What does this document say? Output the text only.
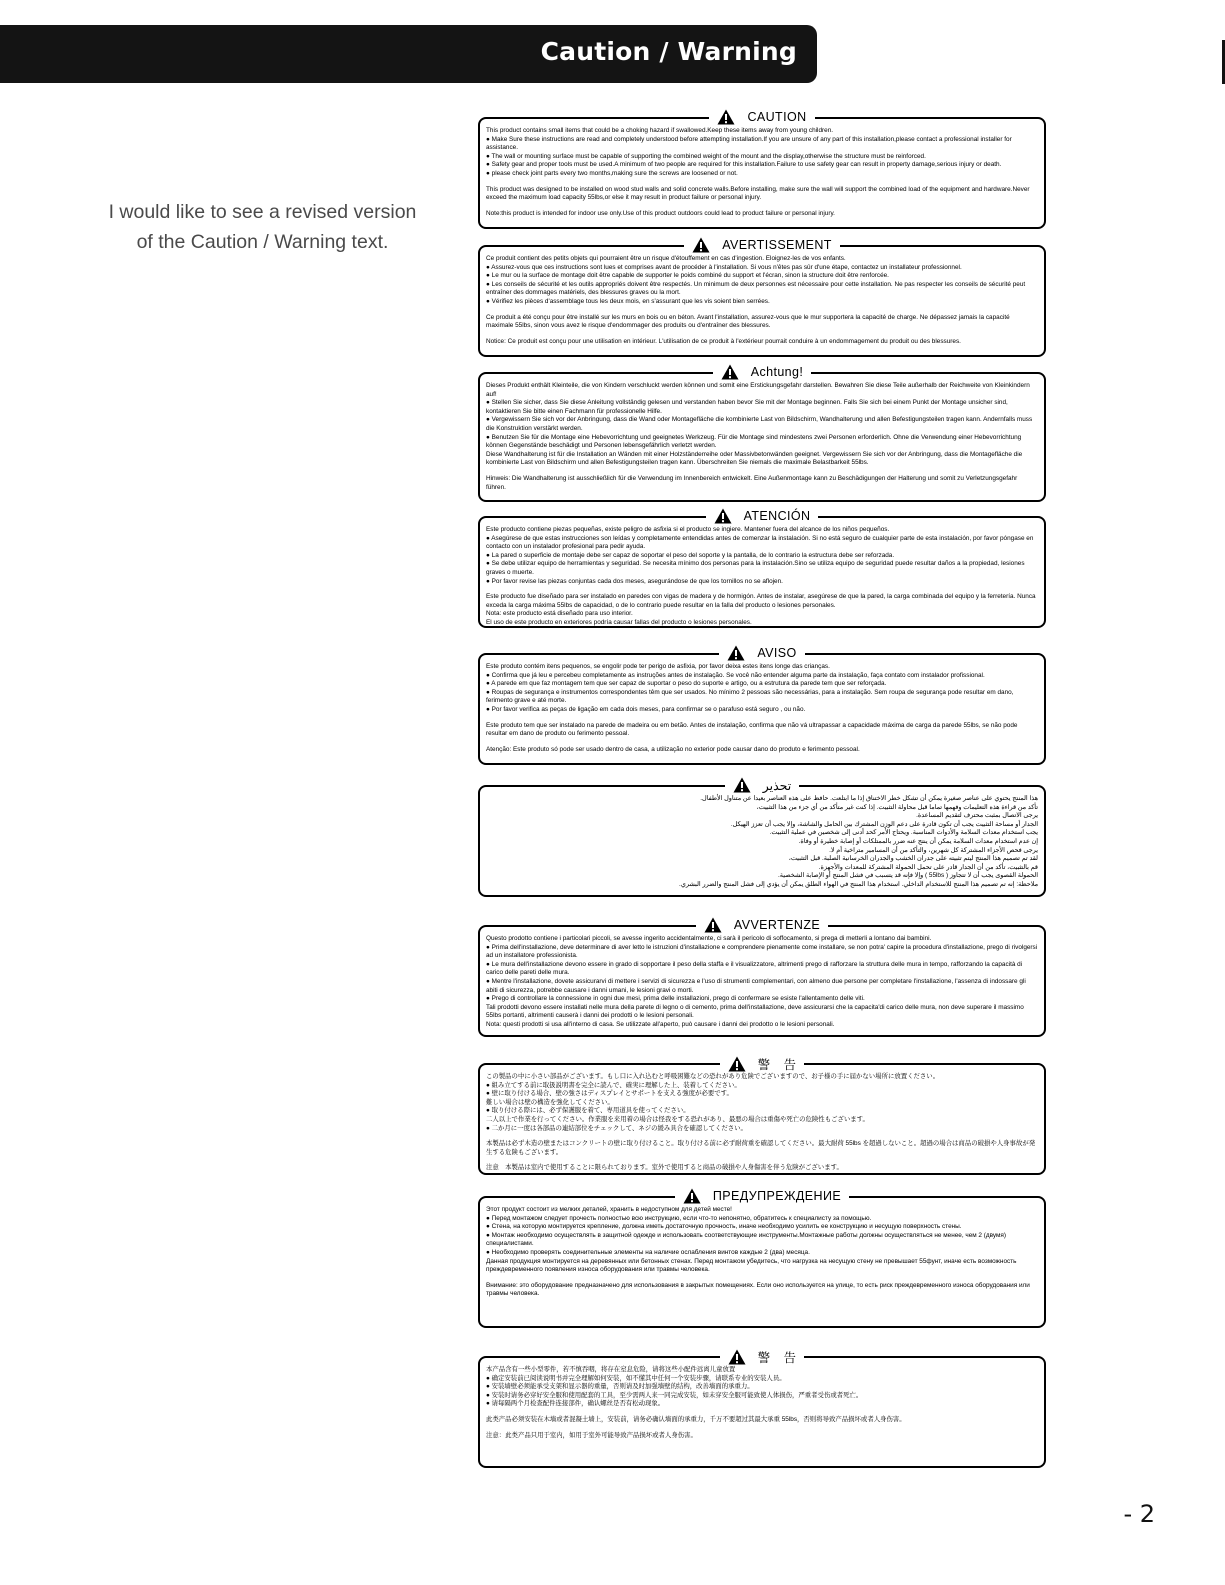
Caution / Warning
I would like to see a revised version of the Caution / Warning text.
CAUTION

This product contains small items that could be a choking hazard if swallowed.Keep these items away from young children.

● Make Sure these instructions are read and completely understood before attempting installation.If you are unsure of any part of this installation,please contact a professional installer for assistance.

● The wall or mounting surface must be capable of supporting the combined weight of the mount and the display,otherwise the structure must be reinforced.

● Safety gear and proper tools must be used.A minimum of two people are required for this installation.Failure to use safety gear can result in property damage,serious injury or death.

● please check joint parts every two months,making sure the screws are loosened or not.

This product was designed to be installed on wood stud walls and solid concrete walls.Before installing, make sure the wall will support the combined load of the equipment and hardware.Never exceed the maximum load capacity 55lbs,or else it may result in product failure or personal injury.

Note:this product is intended for indoor use only.Use of this product outdoors could lead to product failure or personal injury.

AVERTISSEMENT

Ce produit contient des petits objets qui pourraient être un risque d'étouffement en cas d'ingestion. Eloignez-les de vos enfants.

● Assurez-vous que ces instructions sont lues et comprises avant de procéder à l'installation. Si vous n'êtes pas sûr d'une étape, contactez un installateur professionnel.

● Le mur ou la surface de montage doit être capable de supporter le poids combiné du support et l'écran, sinon la structure doit être renforcée.

● Les conseils de sécurité et les outils appropriés doivent être respectés. Un minimum de deux personnes est nécessaire pour cette installation. Ne pas respecter les conseils de sécurité peut entraîner des dommages matériels, des blessures graves ou la mort.

● Vérifiez les pièces d'assemblage tous les deux mois, en s'assurant que les vis soient bien serrées.

Ce produit a été conçu pour être installé sur les murs en bois ou en béton. Avant l'installation, assurez-vous que le mur supportera la capacité de charge. Ne dépassez jamais la capacité maximale 55lbs, sinon vous avez le risque d'endommager des produits ou d'entraîner des blessures.

Notice: Ce produit est conçu pour une utilisation en intérieur. L'utilisation de ce produit à l'extérieur pourrait conduire à un endommagement du produit ou des blessures.

Achtung!

Dieses Produkt enthält Kleinteile, die von Kindern verschluckt werden können und somit eine Erstickungsgefahr darstellen. Bewahren Sie diese Teile außerhalb der Reichweite von Kleinkindern auf!

● Stellen Sie sicher, dass Sie diese Anleitung vollständig gelesen und verstanden haben bevor Sie mit der Montage beginnen. Falls Sie sich bei einem Punkt der Montage unsicher sind, kontaktieren Sie bitte einen Fachmann für professionelle Hilfe.

● Vergewissern Sie sich vor der Anbringung, dass die Wand oder Montagefläche die kombinierte Last von Bildschirm, Wandhalterung und allen Befestigungsteilen tragen kann. Andernfalls muss die Konstruktion verstärkt werden.

● Benutzen Sie für die Montage eine Hebevorrichtung und geeignetes Werkzeug. Für die Montage sind mindestens zwei Personen erforderlich. Ohne die Verwendung einer Hebevorrichtung können Gegenstände beschädigt und Personen lebensgefährlich verletzt werden.

Diese Wandhalterung ist für die Installation an Wänden mit einer Holzständerreihe oder Massivbetonwänden geeignet. Vergewissern Sie sich vor der Anbringung, dass die Montagefläche die kombinierte Last von Bildschirm und allen Befestigungsteilen tragen kann. Überschreiten Sie niemals die maximale Belastbarkeit 55lbs.

Hinweis: Die Wandhalterung ist ausschließlich für die Verwendung im Innenbereich entwickelt. Eine Außenmontage kann zu Beschädigungen der Halterung und somit zu Verletzungsgefahr führen.

ATENCIÓN

Este producto contiene piezas pequeñas, existe peligro de asfixia si el producto se ingiere. Mantener fuera del alcance de los niños pequeños.

● Asegúrese de que estas instrucciones son leídas y completamente entendidas antes de comenzar la instalación. Si no está seguro de cualquier parte de esta instalación, por favor póngase en contacto con un instalador profesional para pedir ayuda.

● La pared o superficie de montaje debe ser capaz de soportar el peso del soporte y la pantalla, de lo contrario la estructura debe ser reforzada.

● Se debe utilizar equipo de herramientas y seguridad. Se necesita mínimo dos personas para la instalación.Sino se utiliza equipo de seguridad puede resultar daños a la propiedad, lesiones graves o muerte.

● Por favor revise las piezas conjuntas cada dos meses, asegurándose de que los tornillos no se aflojen.

Este producto fue diseñado para ser instalado en paredes con vigas de madera y de hormigón. Antes de instalar, asegúrese de que la pared, la carga combinada del equipo y la ferretería. Nunca exceda la carga máxima 55lbs de capacidad, o de lo contrario puede resultar en la falla del producto o lesiones personales.

Nota: este producto está diseñado para uso interior.

El uso de este producto en exteriores podría causar fallas del producto o lesiones personales.

AVISO

Este produto contém itens pequenos, se engolir pode ter perigo de asfixia, por favor deixa estes itens longe das crianças.

● Confirma que já leu e percebeu completamente as instruções antes de instalação. Se você não entender alguma parte da instalação, faça contato com instalador profissional.

● A parede em que faz montagem tem que ser capaz de suportar o peso do suporte e artigo, ou a estrutura da parede tem que ser reforçada.

● Roupas de segurança e instrumentos correspondentes têm que ser usados. No mínimo 2 pessoas são necessárias, para a instalação. Sem roupa de segurança pode resultar em dano, ferimento grave e até morte.

● Por favor verifica as peças de ligação em cada dois meses, para confirmar se o parafuso está seguro , ou não.

Este produto tem que ser instalado na parede de madeira ou em betão. Antes de instalação, confirma que não vá ultrapassar a capacidade máxima de carga da parede 55lbs, se não pode resultar em dano de produto ou ferimento pessoal.

Atenção: Este produto só pode ser usado dentro de casa, a utilização no exterior pode causar dano do produto e ferimento pessoal.

تحذير

هذا المنتج يحتوي على عناصر صغيرة يمكن أن تشكل خطر الاختناق إذا ما ابتلعت. حافظ على هذه العناصر بعيدا عن متناول الأطفال.

تأكد من قراءة هذه التعليمات وفهمها تماما قبل محاولة التثبيت. إذا كنت غير متأكد من أي جزء من هذا التثبيت،

يرجى الاتصال بمثبت محترف لتقديم المساعدة.

الجدار أو مساحة التثبيت يجب أن تكون قادرة على دعم الوزن المشترك بين الحامل والشاشة، وإلا يجب أن تعزز الهيكل.

يجب استخدام معدات السلامة والأدوات المناسبة. ويحتاج الأمر كحد أدنى إلى شخصين في عملية التثبيت.

إن عدم استخدام معدات السلامة يمكن أن ينتج عنه ضرر بالممتلكات أو إصابة خطيرة أو وفاة.

يرجى فحص الأجزاء المشتركة كل شهرين، والتأكد من أن المسامير متراخية أم لا.

لقد تم تصميم هذا المنتج ليتم تثبيته على جدران الخشب والجدران الخرسانية الصلبة. قبل التثبيت،

قم بالتثبيت، تأكد من أن الجدار قادر على تحمل الحمولة المشتركة للمعدات والأجهزة.

الحمولة القصوى يجب أن لا تتجاوز ( 55lbs ) وإلا فإنه قد يتسبب في فشل المنتج أو الإصابة الشخصية.

ملاحظة: إنه تم تصميم هذا المنتج للاستخدام الداخلي. استخدام هذا المنتج في الهواء الطلق يمكن أن يؤدي إلى فشل المنتج والضرر البشري.

AVVERTENZE

Questo prodotto contiene i particolari piccoli, se avesse ingerito accidentalmente, ci sarà il pericolo di soffocamento, si prega di metterli a lontano dai bambini.

● Prima dell'installazione, deve determinare di aver letto le istruzioni d'installazione e comprendere pienamente come installare, se non potra' capire la procedura d'installazione, prego di rivolgersi ad un installatore professionista.

● Le mura dell'installazione devono essere in grado di sopportare il peso della staffa e il visualizzatore, altrimenti prego di rafforzare la struttura delle mura in tempo, rafforzando la capacità di carico delle pareti delle mura.

● Mentre l'installazione, dovete assicurarvi di mettere i servizi di sicurezza e l'uso di strumenti complementari, con almeno due persone per completare l'installazione, l'assenza di indossare gli abiti di sicurezza, potrebbe causare i danni umani, le lesioni gravi o morti.

● Prego di controllare la connessione in ogni due mesi, prima delle installazioni, prego di confermare se esiste l'allentamento delle viti.

Tali prodotti devono essere installati nelle mura della parete di legno o di cemento, prima dell'installazione, deve assicurarsi che la capacita'di carico delle mura, non deve superare il massimo 55lbs portanti, altrimenti causerà i danni dei prodotti o le lesioni personali.

Nota: questi prodotti si usa all'interno di casa. Se utilizzate all'aperto, può causare i danni dei prodotto o le lesioni personali.

警　告

この製品の中に小さい部品がございます。もし口に入れ込むと呼吸困難などの恐れがあり危険でございますので、お子様の手に届かない場所に放置ください。

● 組み立てする前に取扱説明書を完全に読んで、確実に理解した上、装着してください。

● 壁に取り付ける場合、壁の強さはディスプレイとサポートを支える強度が必要です。

難しい場合は壁の構造を強化してください。

● 取り付ける際には、必ず保護服を着て、専用道具を使ってください。

二人以上で作業を行ってください。作業服を来用着の場合は怪我をする恐れがあり、最悪の場合は重傷や死亡の危険性もございます。

● 二か月に一度は各部品の連結部位をチェックして、ネジの緩み具合を確認してください。

本製品は必ず木造の壁またはコンクリートの壁に取り付けること。取り付ける前に必ず耐荷重を確認してください。最大耐荷 55lbs を超過しないこと。超過の場合は商品の破損や人身事故が発生する危険もございます。

注意　本製品は室内で使用することに限られております。室外で使用すると商品の破損や人身傷害を伴う危険がございます。

ПРЕДУПРЕЖДЕНИЕ

Этот продукт состоит из мелких деталей, хранить в недоступном для детей месте!

● Перед монтажом следует прочесть полностью всю инструкцию, если что-то непонятно, обратитесь к специалисту за помощью.

● Стена, на которую монтируется крепление, должна иметь достаточную прочность, иначе необходимо усилить ее конструкцию и несущую поверхность стены.

● Монтаж необходимо осуществлять в защитной одежде и использовать соответствующие инструменты.Монтажные работы должны осуществляться не менее, чем 2 (двумя) специалистами.

● Необходимо проверять соединительные элементы на наличие ослабления винтов каждые 2 (два) месяца.

Данная продукция монтируется на деревянных или бетонных стенах. Перед монтажом убедитесь, что нагрузка на несущую стену не превышает 55фунт, иначе есть возможность преждевременного появления износа оборудования или травмы человека.

Внимание: это оборудование предназначено для использования в закрытых помещениях. Если оно используется на улице, то есть риск преждевременного износа оборудования или травмы человека.

警　告

本产品含有一些小型零件，若不慎吞咽，将存在窒息危险，请将这些小配件远离儿童放置

● 确定安装前已阅读说明书并完全理解如何安装，如不懂其中任何一个安装步骤，请联系专业的安装人员。

● 安装墙壁必须能承受支架和显示器的重量，否则请及时加强墙壁的结构，改善墙面的承重力。

● 安装时请务必穿好安全服和使用配套的工具，至少需两人来一同完成安装，如未穿安全服可能致使人体损伤，严重者受伤或者死亡。

● 请每隔两个月检查配件连接部件，确认螺丝是否有松动现象。

此类产品必须安装在木墙或者混凝土墙上，安装前，请务必确认墙面的承重力，千万不要超过其最大承重 55lbs，否则将导致产品损坏或者人身伤害。

注意：此类产品只用于室内，如用于室外可能导致产品损坏或者人身伤害。

- 2
